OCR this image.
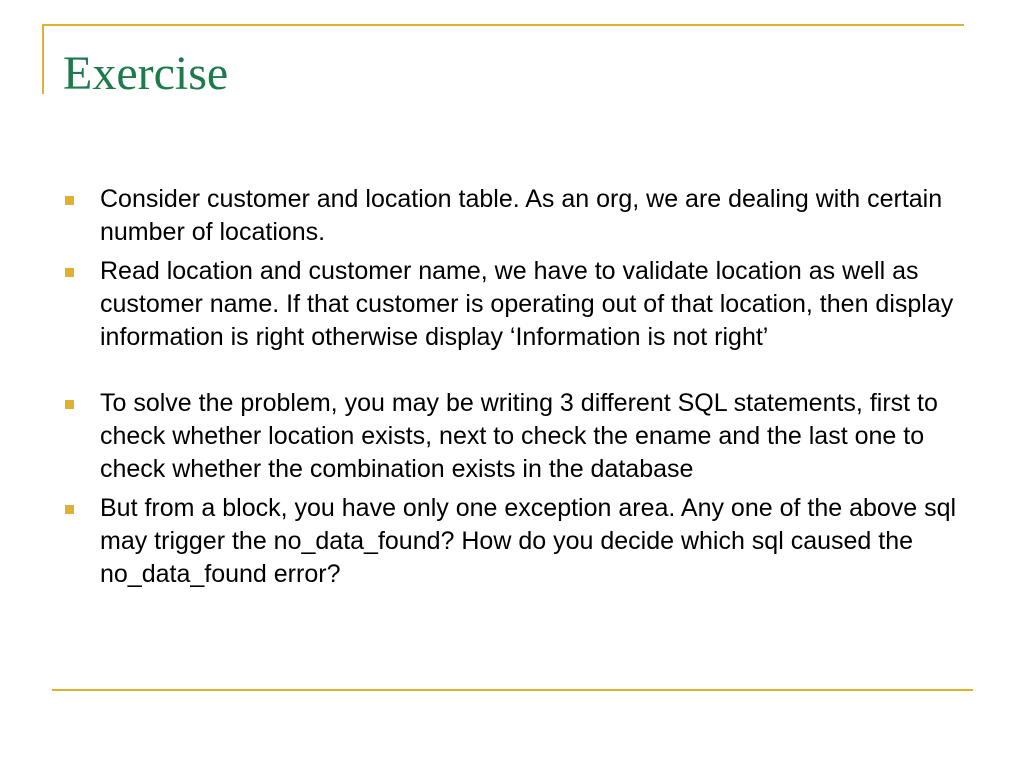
Exercise
Consider customer and location table. As an org, we are dealing with certain number of locations.
Read location and customer name, we have to validate location as well as customer name. If that customer is operating out of that location, then display information is right otherwise display ‘Information is not right’
To solve the problem, you may be writing 3 different SQL statements, first to check whether location exists, next to check the ename and the last one to check whether the combination exists in the database
But from a block, you have only one exception area. Any one of the above sql may trigger the no_data_found? How do you decide which sql caused the no_data_found error?
